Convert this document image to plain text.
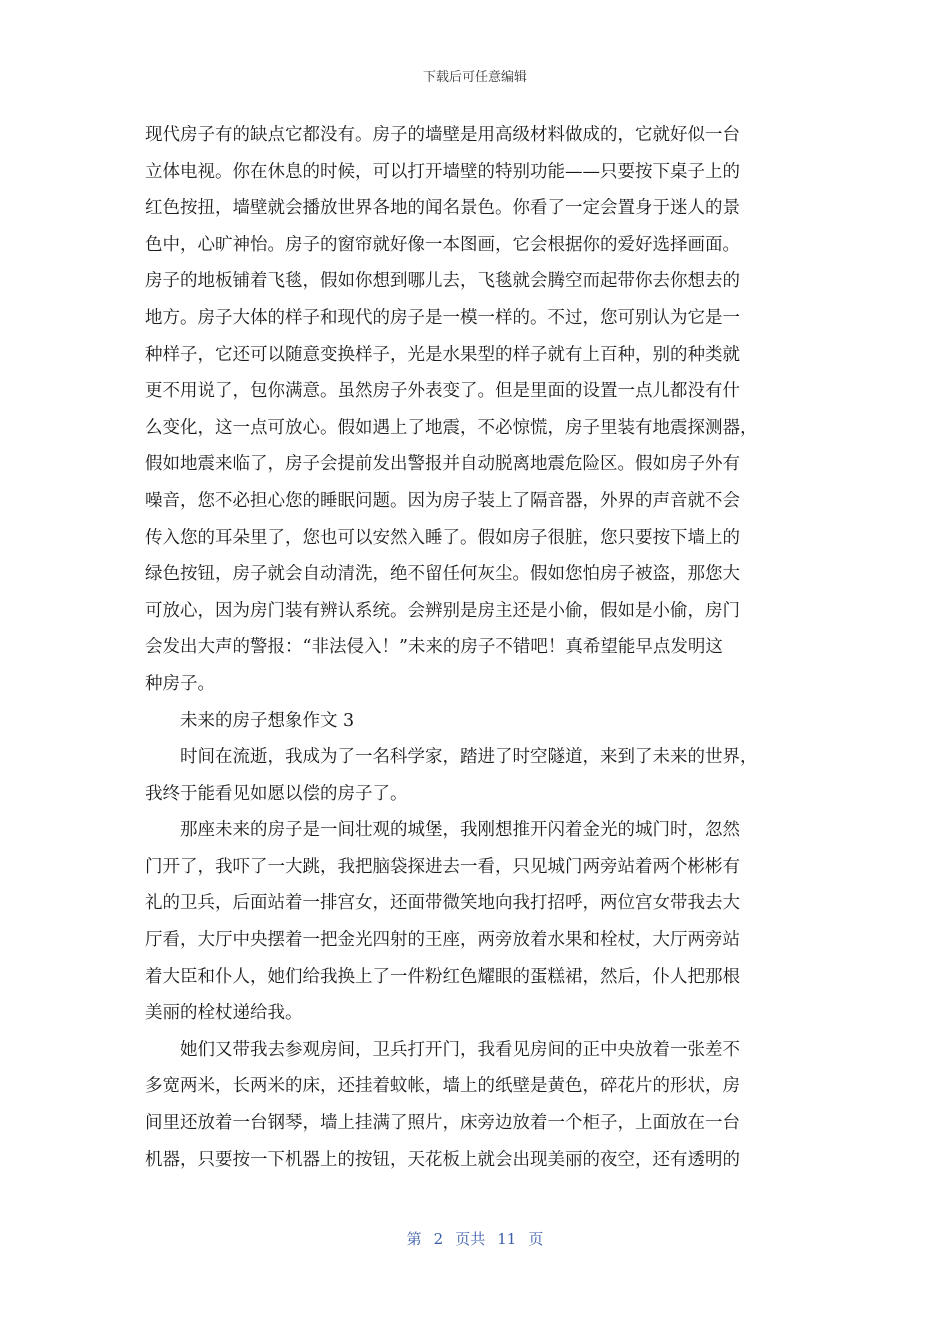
下载后可任意编辑
现代房子有的缺点它都没有。房子的墙壁是用高级材料做成的，它就好似一台
立体电视。你在休息的时候，可以打开墙壁的特别功能——只要按下桌子上的
红色按扭，墙壁就会播放世界各地的闻名景色。你看了一定会置身于迷人的景
色中，心旷神怡。房子的窗帘就好像一本图画，它会根据你的爱好选择画面。
房子的地板铺着飞毯，假如你想到哪儿去，飞毯就会腾空而起带你去你想去的
地方。房子大体的样子和现代的房子是一模一样的。不过，您可别认为它是一
种样子，它还可以随意变换样子，光是水果型的样子就有上百种，别的种类就
更不用说了，包你满意。虽然房子外表变了。但是里面的设置一点儿都没有什
么变化，这一点可放心。假如遇上了地震，不必惊慌，房子里装有地震探测器，
假如地震来临了，房子会提前发出警报并自动脱离地震危险区。假如房子外有
噪音，您不必担心您的睡眠问题。因为房子装上了隔音器，外界的声音就不会
传入您的耳朵里了，您也可以安然入睡了。假如房子很脏，您只要按下墙上的
绿色按钮，房子就会自动清洗，绝不留任何灰尘。假如您怕房子被盗，那您大
可放心，因为房门装有辨认系统。会辨别是房主还是小偷，假如是小偷，房门
会发出大声的警报：“非法侵入！”未来的房子不错吧！真希望能早点发明这
种房子。
未来的房子想象作文 3
时间在流逝，我成为了一名科学家，踏进了时空隧道，来到了未来的世界，
我终于能看见如愿以偿的房子了。
那座未来的房子是一间壮观的城堡，我刚想推开闪着金光的城门时，忽然
门开了，我吓了一大跳，我把脑袋探进去一看，只见城门两旁站着两个彬彬有
礼的卫兵，后面站着一排宫女，还面带微笑地向我打招呼，两位宫女带我去大
厅看，大厅中央摆着一把金光四射的王座，两旁放着水果和栓杖，大厅两旁站
着大臣和仆人，她们给我换上了一件粉红色耀眼的蛋糕裙，然后，仆人把那根
美丽的栓杖递给我。
她们又带我去参观房间，卫兵打开门，我看见房间的正中央放着一张差不
多宽两米，长两米的床，还挂着蚊帐，墙上的纸壁是黄色，碎花片的形状，房
间里还放着一台钢琴，墙上挂满了照片，床旁边放着一个柜子，上面放在一台
机器，只要按一下机器上的按钮，天花板上就会出现美丽的夜空，还有透明的
第 2 页共 11 页
